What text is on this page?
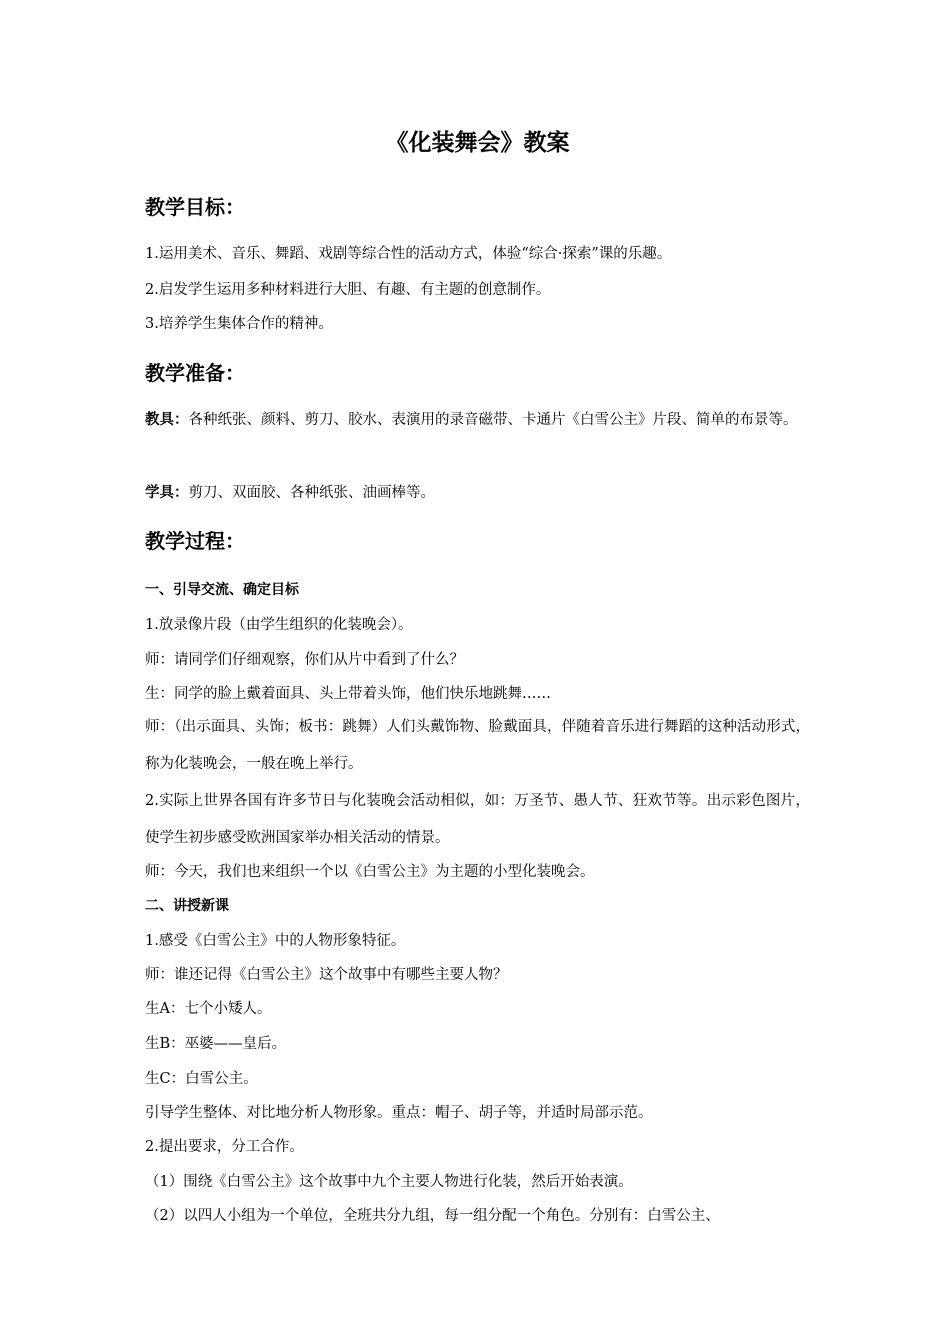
《化装舞会》教案
教学目标：

1.运用美术、音乐、舞蹈、戏剧等综合性的活动方式，体验“综合·探索”课的乐趣。

2.启发学生运用多种材料进行大胆、有趣、有主题的创意制作。

3.培养学生集体合作的精神。

教学准备：

教具：各种纸张、颜料、剪刀、胶水、表演用的录音磁带、卡通片《白雪公主》片段、简单的布景等。

学具：剪刀、双面胶、各种纸张、油画棒等。

教学过程：
一、引导交流、确定目标

1.放录像片段（由学生组织的化装晚会）。

师：请同学们仔细观察，你们从片中看到了什么？

生：同学的脸上戴着面具、头上带着头饰，他们快乐地跳舞……

师：（出示面具、头饰；板书：跳舞）人们头戴饰物、脸戴面具，伴随着音乐进行舞蹈的这种活动形式，称为化装晚会，一般在晚上举行。

2.实际上世界各国有许多节日与化装晚会活动相似，如：万圣节、愚人节、狂欢节等。出示彩色图片，使学生初步感受欧洲国家举办相关活动的情景。

师：今天，我们也来组织一个以《白雪公主》为主题的小型化装晚会。

二、讲授新课

1.感受《白雪公主》中的人物形象特征。

师：谁还记得《白雪公主》这个故事中有哪些主要人物？

生A：七个小矮人。

生B：巫婆——皇后。

生C：白雪公主。

引导学生整体、对比地分析人物形象。重点：帽子、胡子等，并适时局部示范。

2.提出要求，分工合作。

（1）围绕《白雪公主》这个故事中九个主要人物进行化装，然后开始表演。

（2）以四人小组为一个单位，全班共分九组，每一组分配一个角色。分别有：白雪公主、
